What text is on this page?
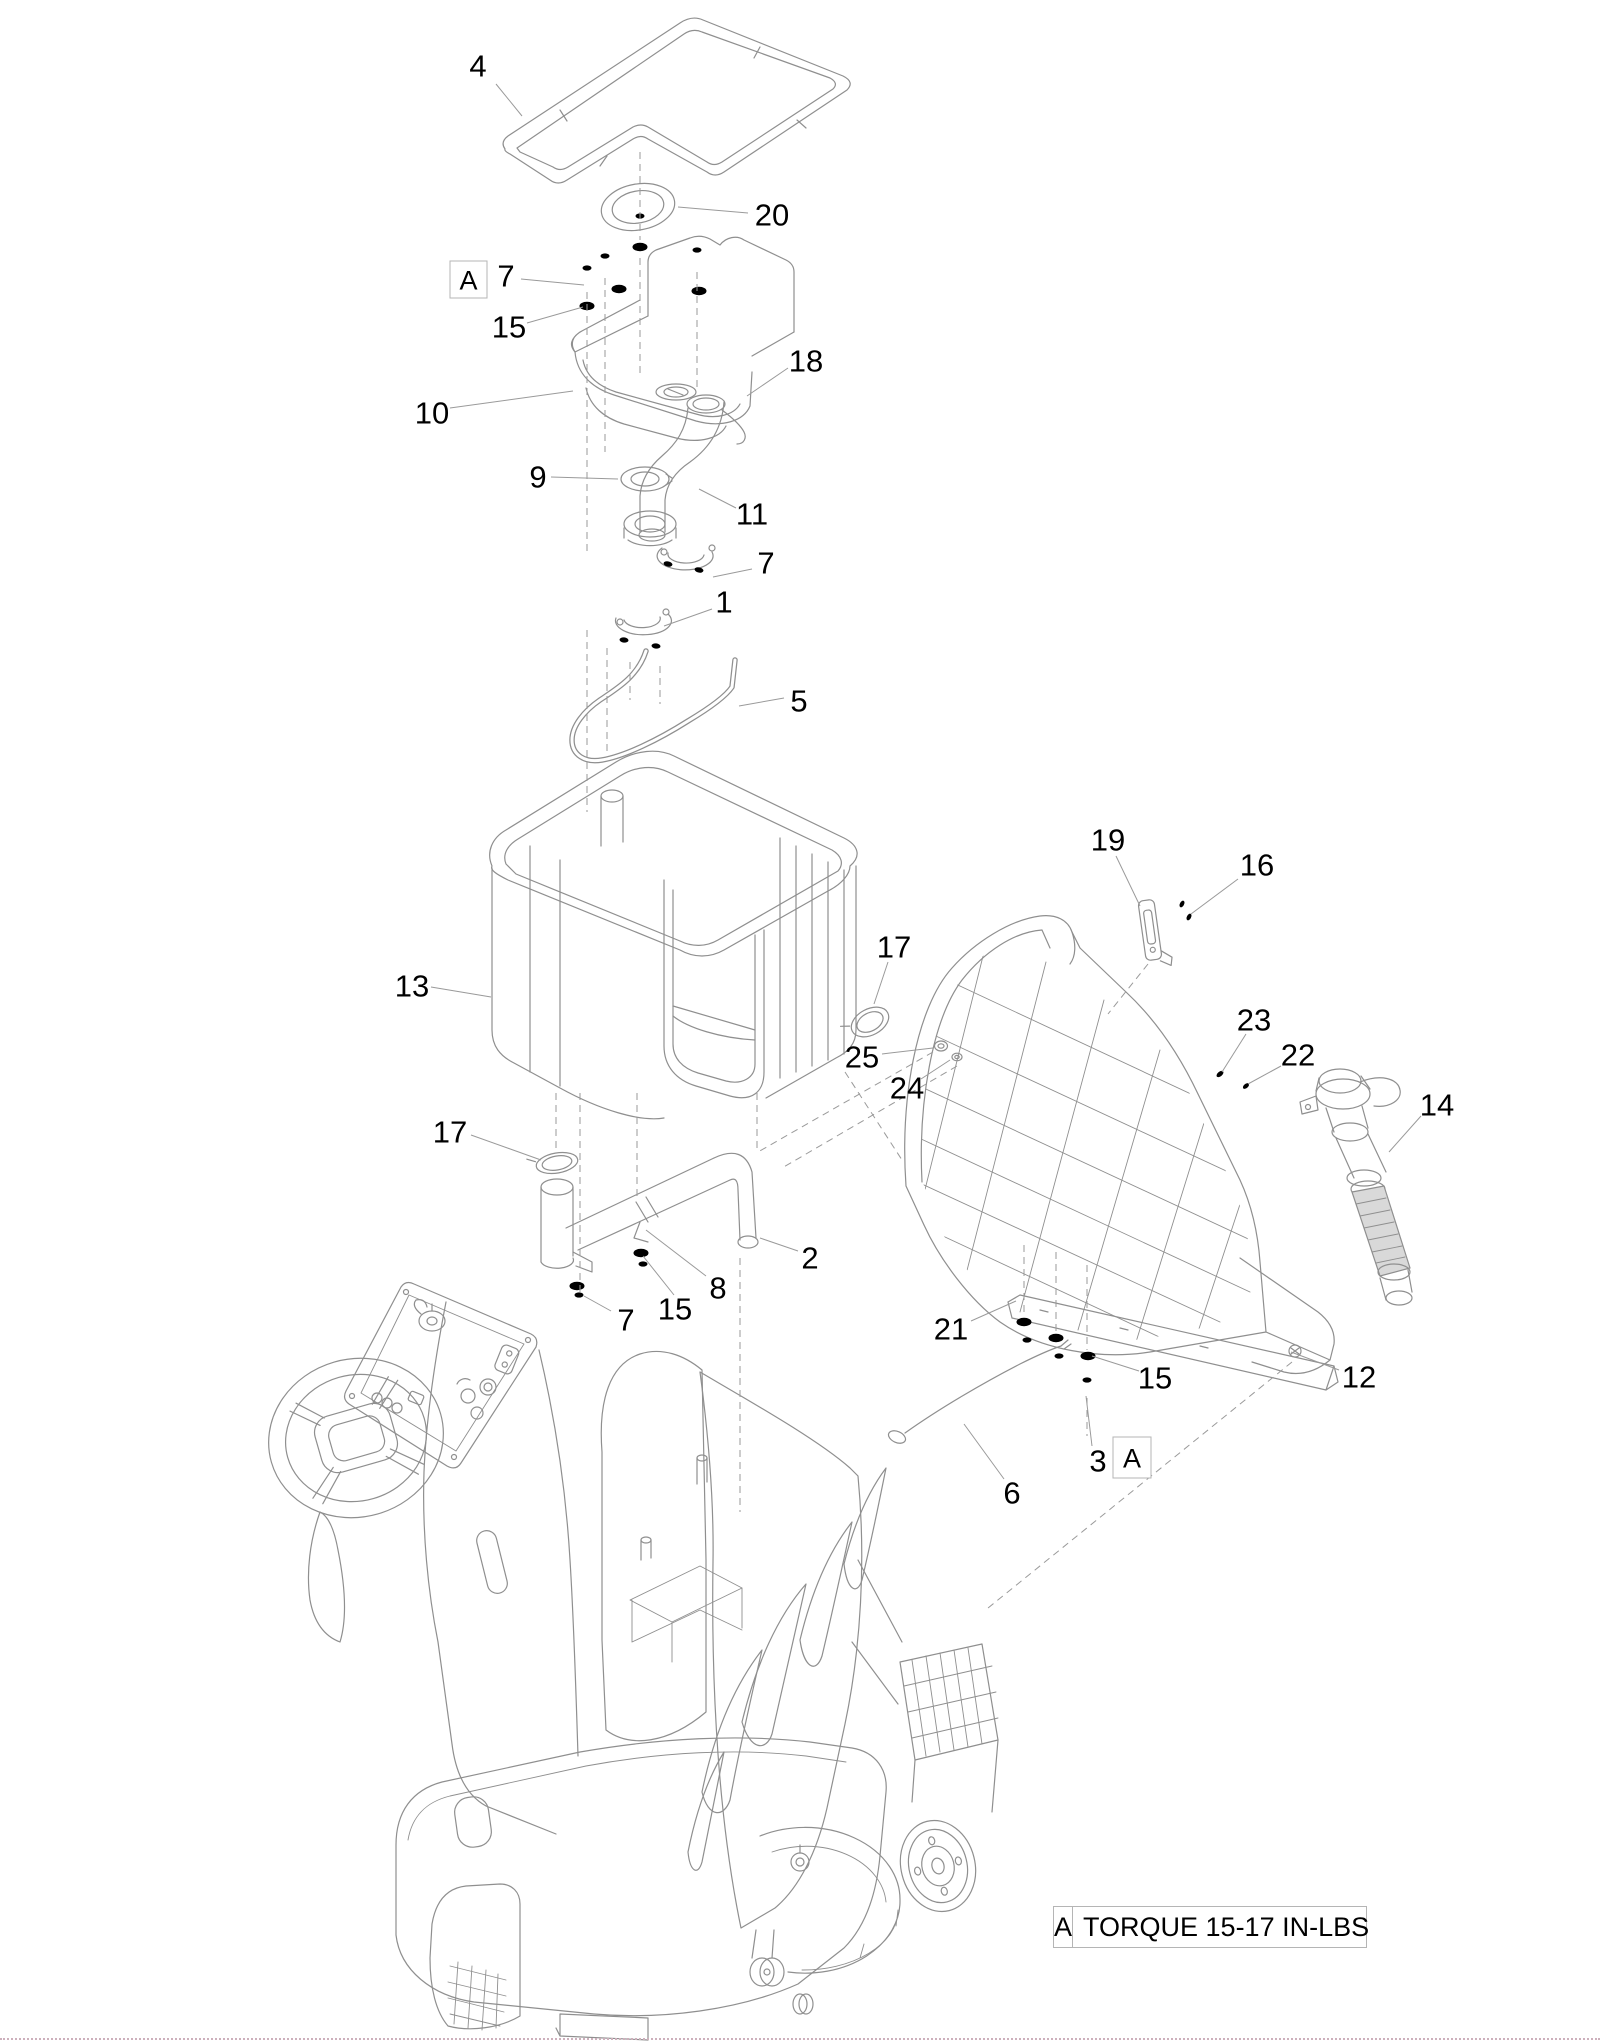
4
20
7
15
10
18
9
11
7
1
5
13
19
16
17
25
24
23
22
14
17
2
8
15
7	21
15
3
6
12
A
A
A TORQUE 15-17 IN-LBS
